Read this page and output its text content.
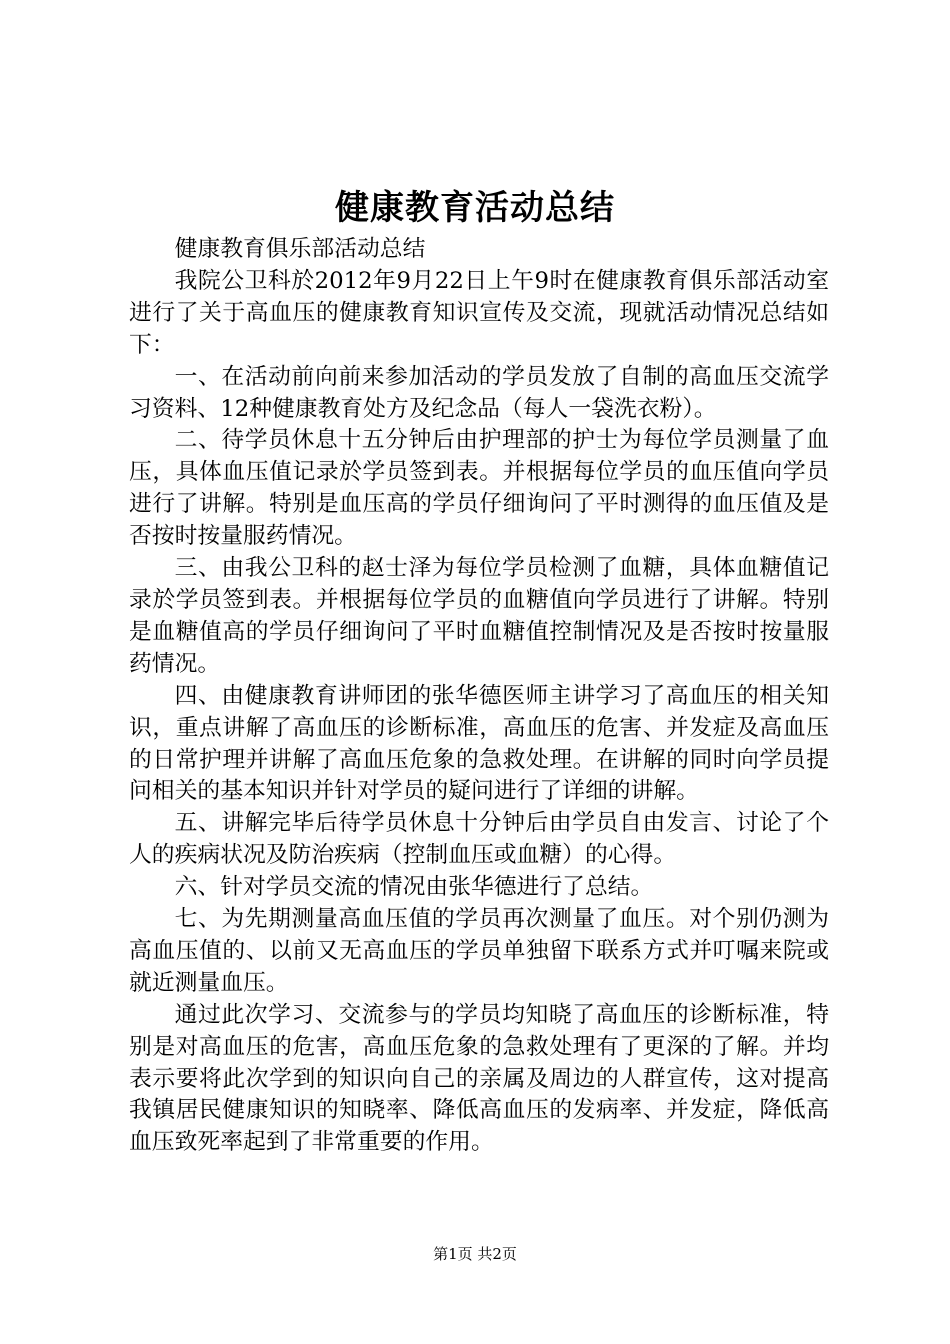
健康教育活动总结

健康教育俱乐部活动总结

我院公卫科於2012年9月22日上午9时在健康教育俱乐部活动室进行了关于高血压的健康教育知识宣传及交流，现就活动情况总结如下：

一、在活动前向前来参加活动的学员发放了自制的高血压交流学习资料、12种健康教育处方及纪念品（每人一袋洗衣粉）。

二、待学员休息十五分钟后由护理部的护士为每位学员测量了血压，具体血压值记录於学员签到表。并根据每位学员的血压值向学员进行了讲解。特别是血压高的学员仔细询问了平时测得的血压值及是否按时按量服药情况。

三、由我公卫科的赵士泽为每位学员检测了血糖，具体血糖值记录於学员签到表。并根据每位学员的血糖值向学员进行了讲解。特别是血糖值高的学员仔细询问了平时血糖值控制情况及是否按时按量服药情况。

四、由健康教育讲师团的张华德医师主讲学习了高血压的相关知识，重点讲解了高血压的诊断标准，高血压的危害、并发症及高血压的日常护理并讲解了高血压危象的急救处理。在讲解的同时向学员提问相关的基本知识并针对学员的疑问进行了详细的讲解。

五、讲解完毕后待学员休息十分钟后由学员自由发言、讨论了个人的疾病状况及防治疾病（控制血压或血糖）的心得。

六、针对学员交流的情况由张华德进行了总结。

七、为先期测量高血压值的学员再次测量了血压。对个别仍测为高血压值的、以前又无高血压的学员单独留下联系方式并叮嘱来院或就近测量血压。

通过此次学习、交流参与的学员均知晓了高血压的诊断标准，特别是对高血压的危害，高血压危象的急救处理有了更深的了解。并均表示要将此次学到的知识向自己的亲属及周边的人群宣传，这对提高我镇居民健康知识的知晓率、降低高血压的发病率、并发症，降低高血压致死率起到了非常重要的作用。

第1页 共2页
